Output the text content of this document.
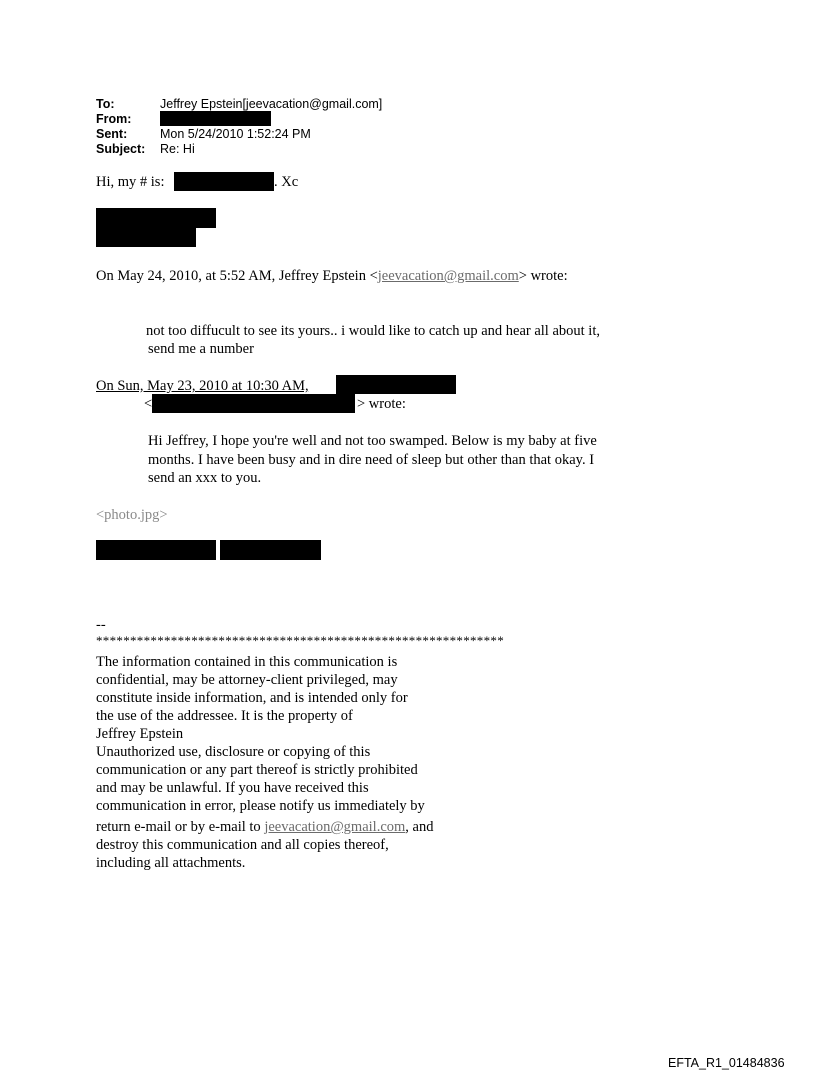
To:	Jeffrey Epstein[jeevacation@gmail.com]
From:
Sent:	Mon 5/24/2010 1:52:24 PM
Subject: Re: Hi
Hi, my # is:	. Xc
On May 24, 2010, at 5:52 AM, Jeffrey Epstein <jeevacation@gmail.com> wrote:
not too diffucult to see its yours.. i would like to catch up and hear all about it,
send me a number
On Sun, May 23, 2010 at 10:30 AM,
<	> wrote:
Hi Jeffrey, I hope you're well and not too swamped. Below is my baby at five
months. I have been busy and in dire need of sleep but other than that okay. I
send an xxx to you.
<photo.jpg>
--
************************************************************
The information contained in this communication is
confidential, may be attorney-client privileged, may
constitute inside information, and is intended only for
the use of the addressee. It is the property of
Jeffrey Epstein
Unauthorized use, disclosure or copying of this
communication or any part thereof is strictly prohibited
and may be unlawful. If you have received this
communication in error, please notify us immediately by
return e-mail or by e-mail to jeevacation@gmail.com, and
destroy this communication and all copies thereof,
including all attachments.
EFTA_R1_01484836
